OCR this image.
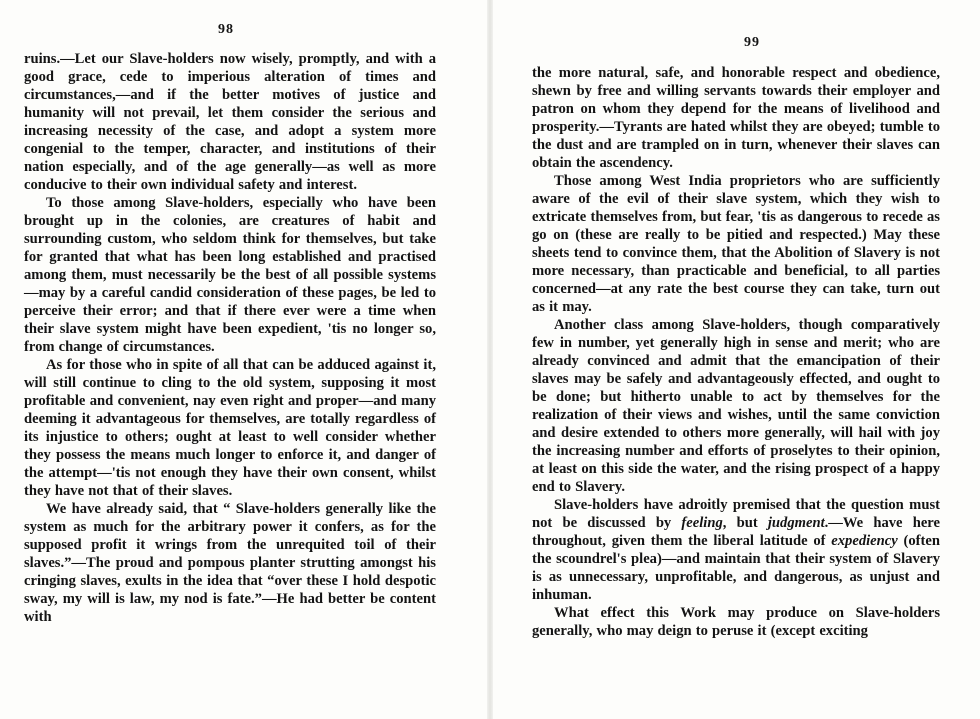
98

ruins.—Let our Slave-holders now wisely, promptly, and with a good grace, cede to imperious alteration of times and circumstances,—and if the better motives of justice and humanity will not prevail, let them consider the serious and increasing necessity of the case, and adopt a system more congenial to the temper, character, and institutions of their nation especially, and of the age generally—as well as more conducive to their own individual safety and interest.

To those among Slave-holders, especially who have been brought up in the colonies, are creatures of habit and surrounding custom, who seldom think for themselves, but take for granted that what has been long established and practised among them, must necessarily be the best of all possible systems—may by a careful candid consideration of these pages, be led to perceive their error; and that if there ever were a time when their slave system might have been expedient, 'tis no longer so, from change of circumstances.

As for those who in spite of all that can be adduced against it, will still continue to cling to the old system, supposing it most profitable and convenient, nay even right and proper—and many deeming it advantageous for themselves, are totally regardless of its injustice to others; ought at least to well consider whether they possess the means much longer to enforce it, and danger of the attempt—'tis not enough they have their own consent, whilst they have not that of their slaves.

We have already said, that “ Slave-holders generally like the system as much for the arbitrary power it confers, as for the supposed profit it wrings from the unrequited toil of their slaves.”—The proud and pompous planter strutting amongst his cringing slaves, exults in the idea that “over these I hold despotic sway, my will is law, my nod is fate.”—He had better be content with

99

the more natural, safe, and honorable respect and obedience, shewn by free and willing servants towards their employer and patron on whom they depend for the means of livelihood and prosperity.—Tyrants are hated whilst they are obeyed; tumble to the dust and are trampled on in turn, whenever their slaves can obtain the ascendency.

Those among West India proprietors who are sufficiently aware of the evil of their slave system, which they wish to extricate themselves from, but fear, 'tis as dangerous to recede as go on (these are really to be pitied and respected.) May these sheets tend to convince them, that the Abolition of Slavery is not more necessary, than practicable and beneficial, to all parties concerned—at any rate the best course they can take, turn out as it may.

Another class among Slave-holders, though comparatively few in number, yet generally high in sense and merit; who are already convinced and admit that the emancipation of their slaves may be safely and advantageously effected, and ought to be done; but hitherto unable to act by themselves for the realization of their views and wishes, until the same conviction and desire extended to others more generally, will hail with joy the increasing number and efforts of proselytes to their opinion, at least on this side the water, and the rising prospect of a happy end to Slavery.

Slave-holders have adroitly premised that the question must not be discussed by feeling, but judgment.—We have here throughout, given them the liberal latitude of expediency (often the scoundrel's plea)—and maintain that their system of Slavery is as unnecessary, unprofitable, and dangerous, as unjust and inhuman.

What effect this Work may produce on Slave-holders generally, who may deign to peruse it (except exciting
